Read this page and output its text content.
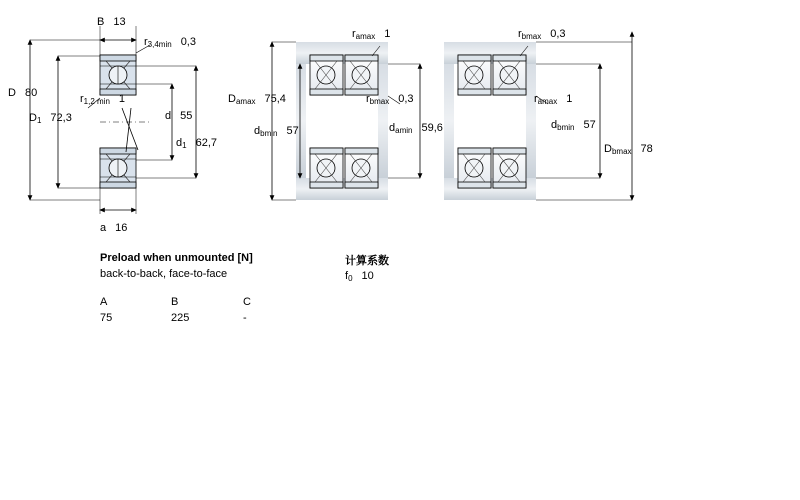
B 13
$r_{3,4min}$ 0,3
D 80	$r_{1,2 min}$ 1
d 55
$D_1$ 72,3
$d_1$ 62,7
a 16
$r_{amax}$ 1	$r_{bmax}$ 0,3
$D_{amax}$ 75,4	$r_{bmax}$ 0,3	$r_{amax}$ 1
$d_{bmin}$ 57	$d_{amin}$ 59,6	$d_{bmin}$ 57
$D_{bmax}$ 78
Preload when unmounted [N]
back-to-back, face-to-face
A	B	C
75	225	-
计算系数
$f_0$ 10
